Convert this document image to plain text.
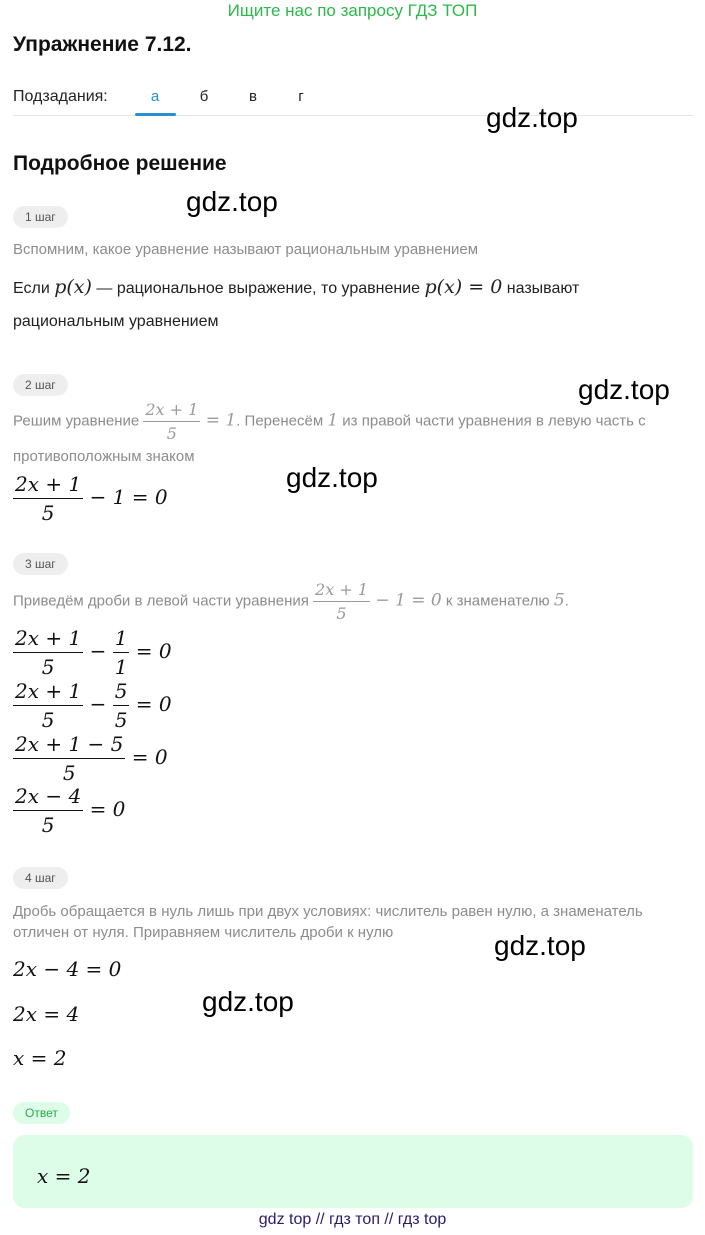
Ищите нас по запросу ГДЗ ТОП
Упражнение 7.12.
Подзадания:	а	б	в	г
Подробное решение
gdz.top
gdz.top
gdz.top
gdz.top
gdz.top
gdz.top
1 шаг
Вспомним, какое уравнение называют рациональным уравнением
Если p(x) — рациональное выражение, то уравнение p(x) = 0 называют
рациональным уравнением
2 шаг
Решим уравнение $\frac{2x + 1}{5} = 1$. Перенесём 1 из правой части уравнения в левую часть с
противоположным знаком
$\frac{2x + 1}{5} - 1 = 0$
3 шаг
Приведём дроби в левой части уравнения $\frac{2x + 1}{5} - 1 = 0$ к знаменателю 5.
$\frac{2x + 1}{5} - \frac{1}{1} = 0$
$\frac{2x + 1}{5} - \frac{5}{5} = 0$
$\frac{2x + 1 - 5}{5} = 0$
$\frac{2x - 4}{5} = 0$
4 шаг
Дробь обращается в нуль лишь при двух условиях: числитель равен нулю, а знаменатель
отличен от нуля. Приравняем числитель дроби к нулю
2x − 4 = 0
2x = 4
x = 2
Ответ
x = 2
gdz top // гдз топ // гдз top
